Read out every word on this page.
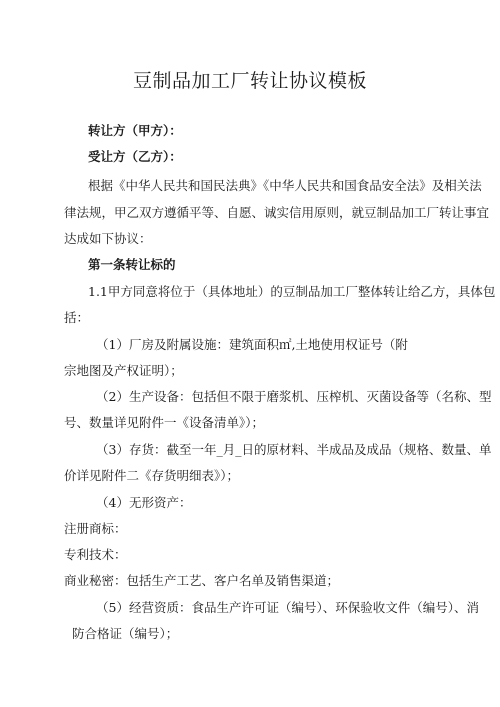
豆制品加工厂转让协议模板
转让方（甲方）：
受让方（乙方）：
根据《中华人民共和国民法典》《中华人民共和国食品安全法》及相关法
律法规，甲乙双方遵循平等、自愿、诚实信用原则，就豆制品加工厂转让事宜
达成如下协议：
第一条转让标的
1.1甲方同意将位于（具体地址）的豆制品加工厂整体转让给乙方，具体包
括：
（1）厂房及附属设施：建筑面积㎡,土地使用权证号（附
宗地图及产权证明）；
（2）生产设备：包括但不限于磨浆机、压榨机、灭菌设备等（名称、型
号、数量详见附件一《设备清单》）；
（3）存货：截至一年_月_日的原材料、半成品及成品（规格、数量、单
价详见附件二《存货明细表》）；
（4）无形资产：
注册商标：
专利技术：
商业秘密：包括生产工艺、客户名单及销售渠道；
（5）经营资质：食品生产许可证（编号）、环保验收文件（编号）、消
防合格证（编号）；
